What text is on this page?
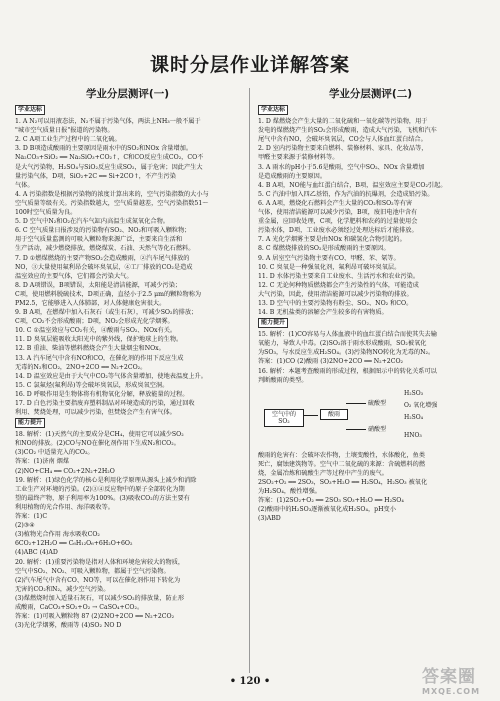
课时分层作业详解答案
学业分层测评(一)
学业达标
1. A N₂可以用液态法，N₂不属于污染气体，两法上NH₃一般不属于
"城市空气质量日报"报道的污染物。
2. C A项工业生产过程中的二氧化硫。
3. D B项造成酸雨的主要原因是雨水中的SO₂和NOx 含量增加。
Na₂CO₃+SiO₂ ══ Na₂SiO₃+CO₂↑，C和CO反应生成CO₂，CO不
是大气污染物，H₂SO₄与SiO₂反应生成SO₂，属于危害；因此产生大
量污染气体，D项，SiO₂+2C ══ Si+2CO↑，不产生污染
气体。
4. A 污染指数是根据污染物的浓度计算出来的，空气污染指数的大小与
空气质量等级有关。污染指数越大，空气质量越差，空气污染指数51～
100时空气质量为良。
5. D 空气中N₂和O₂在汽车气缸内高温生成氮氧化合物。
6. C 空气质量日报涉及的污染物有SO₂、NO₂和可吸入颗粒物；
用于空气质量监测的可吸入颗粒物来源广泛，主要来自生活和
生产活动，减少燃烧排放，燃烧煤炭、石油、天然气等化石燃料。
7. D ①燃煤燃烧的主要产物SO₂会造成酸雨，②汽车尾气排放的
NO，③大量使用氟利昂会破坏臭氧层，④工厂排放的CO₂是造成
温室效应的主要气体，它们都会污染大气。
8. D A项错误，B项错误，太阳能是清洁能源，可减少污染；
C项，使用燃料脱硫技术，D项正确，直径小于2.5 μm的颗粒物称为
PM2.5，它能够进入人体肺部，对人体健康危害很大。
9. B A项，在燃煤中加入石灰石（或生石灰），可减少SO₂的排放；
C项，CO₂不会形成酸雨；D项，NO₂会形成光化学烟雾。
10. C ①温室效应与CO₂有关，④酸雨与SO₂、NOx有关。
11. D 臭氧层能吸收太阳光中的紫外线，保护地球上的生物。
12. B 重油、柴油等燃料燃烧会产生大量烟尘和NOx。
13. A 汽车尾气中含有NO和CO，在催化剂的作用下反应生成
无毒的N₂和CO₂，2NO+2CO ══ N₂+2CO₂。
14. D 温室效应是由于大气中CO₂等气体含量增加，使地表温度上升。
15. C 氯氟烃(氟利昂)等会破坏臭氧层，形成臭氧空洞。
16. D 呼吸作用是生物体将有机物氧化分解，释放能量的过程。
17. D 白色污染主要指废弃塑料制品对环境造成的污染，通过回收
利用、焚烧处理，可以减少污染，但焚烧会产生有害气体。
能力提升
18. 解析：(1)天然气的主要成分是CH₄，使用它可以减少SO₂
和NO的排放。(2)CO与NO在催化剂作用下生成N₂和CO₂。
(3)CO₂ 中适量充入的CO₂。
答案：(1)济南 烟煤
(2)NO+CH₄ ══ CO₂+2N₂+2H₂O
19. 解析：(1)绿色化学的核心是利用化学原理从源头上减少和消除
工业生产对环境的污染。(2)③④反应物中的原子全部转化为期
望的最终产物，原子利用率为100%。(3)吸收CO₂的方法主要有
利用植物的光合作用、海洋吸收等。
答案：(1)C
(2)③④
(3)植物光合作用 海水吸收CO₂
6CO₂+12H₂O ══ C₆H₁₂O₆+6H₂O+6O₂
(4)ABC (4)AD
20. 解析：(1)重要污染物是指对人体和环境危害较大的物质，
空气中SO₂、NO₂、可吸入颗粒物，都属于空气污染物。
(2)汽车尾气中含有CO、NO等，可以在催化剂作用下转化为
无害的CO₂和N₂，减少空气污染。
(3)煤燃烧时加入适量石灰石，可以减少SO₂的排放量，防止形
成酸雨，CaCO₃+SO₂+O₂ → CaSO₄+CO₂。
答案：(1)可吸入颗粒物 87 (2)2NO+2CO ══ N₂+2CO₂
(3)光化学烟雾，酸雨等 (4)SO₂ NO D
学业分层测评(二)
学业达标
1. D 煤燃烧会产生大量的二氧化硫和一氧化碳等污染物，用于
发电的煤燃烧产生的SO₂会形成酸雨，造成大气污染，飞机和汽车
尾气中含有NO，会破坏臭氧层，CO会与人体血红蛋白结合。
2. D 室内污染物主要来自燃料、装修材料、家具、化妆品等，
甲醛主要来源于装修材料等。
3. A 雨水的pH小于5.6是酸雨，空气中SO₂、NOx 含量增加
是造成酸雨的主要原因。
4. B A项，NO能与血红蛋白结合，B项，温室效应主要是CO₂引起。
5. C 汽油中加入四乙基铅，作为汽油的抗爆剂，会造成铅污染。
6. A A项，燃烧化石燃料会产生大量的CO₂和SO₂等有害
气体，使用清洁能源可以减少污染，B项，废旧电池中含有
重金属，应回收处理，C项，化学肥料和农药的过量使用会
污染水体，D项，工业废水必须经过处理达标后才能排放。
7. A 光化学烟雾主要是由NOx 和碳氢化合物引起的。
8. C 煤燃烧排放的SO₂是形成酸雨的主要原因。
9. A 居室空气污染物主要有CO、甲醛、苯、氡等。
10. C 臭氧是一种强氧化剂，氟利昂可破坏臭氧层。
11. D 水体污染主要来自工业废水、生活污水和农业污染。
12. C 无论何种物质燃烧都会产生污染性的气体，可能造成
大气污染，因此，使用清洁能源可以减少污染物的排放。
13. D 空气中的主要污染物有粉尘、SO₂、NO₂ 和CO。
14. B 无机盐类的溶解会产生较多的有害物质。
能力提升
15. 解析：(1)CO容易与人体血液中的血红蛋白结合而使其失去输
氧能力，导致人中毒。(2)SO₂溶于雨水形成酸雨，SO₂被氧化
为SO₃，与水反应生成H₂SO₄。(3)污染物NO转化为无毒的N₂。
答案：(1)CO (2)酸雨 (3)2NO+2CO ══ N₂+2CO₂
16. 解析：本题考查酸雨的形成过程，根据图示中的转化关系可以
判断酸雨的类型。
空气中的 SO₂
酸雨
硫酸型
硝酸型
H₂SO₃
O₂ 氧化增强
H₂SO₄
HNO₃
酸雨的危害有：会破坏农作物，土壤变酸性，水体酸化，鱼类
死亡，腐蚀建筑物等。空气中二氧化硫的来源：含硫燃料的燃
烧，金属冶炼和硫酸生产等过程中产生的废气。
2SO₂+O₂ ══ 2SO₃，SO₃+H₂O ══ H₂SO₄，H₂SO₃ 被氧化
为H₂SO₄，酸性增强。
答案：(1)2SO₂+O₂ ══ 2SO₃ SO₃+H₂O ══ H₂SO₄
(2)酸雨中的H₂SO₃逐渐被氧化成H₂SO₄，pH变小
(3)ABD
• 120 •	答案圈
MXQE.COM
